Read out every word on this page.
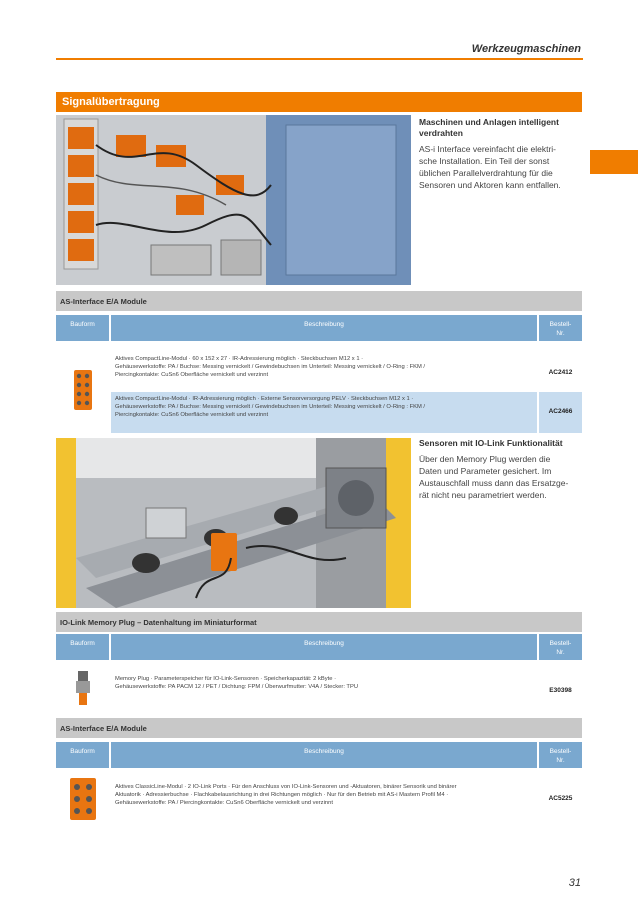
Werkzeugmaschinen
Signalübertragung
Maschinen und Anlagen intelligent verdrahten

AS-i Interface vereinfacht die elektri-
sche Installation. Ein Teil der sonst
üblichen Parallelverdrahtung für die
Sensoren und Aktoren kann entfallen.

AS-Interface E/A Module
Bauform	Beschreibung	Bestell-
Nr.
Aktives CompactLine-Modul · 60 x 152 x 27 · IR-Adressierung möglich · Steckbuchsen M12 x 1 ·
Gehäusewerkstoffe: PA / Buchse: Messing vernickelt / Gewindebuchsen im Unterteil: Messing vernickelt / O-Ring : FKM /
Piercingkontakte: CuSn6 Oberfläche vernickelt und verzinnt	AC2412
Aktives CompactLine-Modul · IR-Adressierung möglich · Externe Sensorversorgung PELV · Steckbuchsen M12 x 1 ·
Gehäusewerkstoffe: PA / Buchse: Messing vernickelt / Gewindebuchsen im Unterteil: Messing vernickelt / O-Ring : FKM /
Piercingkontakte: CuSn6 Oberfläche vernickelt und verzinnt	AC2466
Sensoren mit IO-Link Funktionalität

Über den Memory Plug werden die
Daten und Parameter gesichert. Im
Austauschfall muss dann das Ersatzge-
rät nicht neu parametriert werden.

IO-Link Memory Plug – Datenhaltung im Miniaturformat
Bauform	Beschreibung	Bestell-
Nr.
Memory Plug · Parameterspeicher für IO-Link-Sensoren · Speicherkapazität: 2 kByte ·
Gehäusewerkstoffe: PA PACM 12 / PET / Dichtung: FPM / Überwurfmutter: V4A / Stecker: TPU	E30398
AS-Interface E/A Module
Bauform	Beschreibung	Bestell-
Nr.
Aktives ClassicLine-Modul · 2 IO-Link Ports · Für den Anschluss von IO-Link-Sensoren und -Aktuatoren, binärer Sensorik und binärer
Aktuatorik · Adressierbuchse · Flachkabelausrichtung in drei Richtungen möglich · Nur für den Betrieb mit AS-i Mastern Profil M4 ·
Gehäusewerkstoffe: PA / Piercingkontakte: CuSn6 Oberfläche vernickelt und verzinnt
AC5225
31
